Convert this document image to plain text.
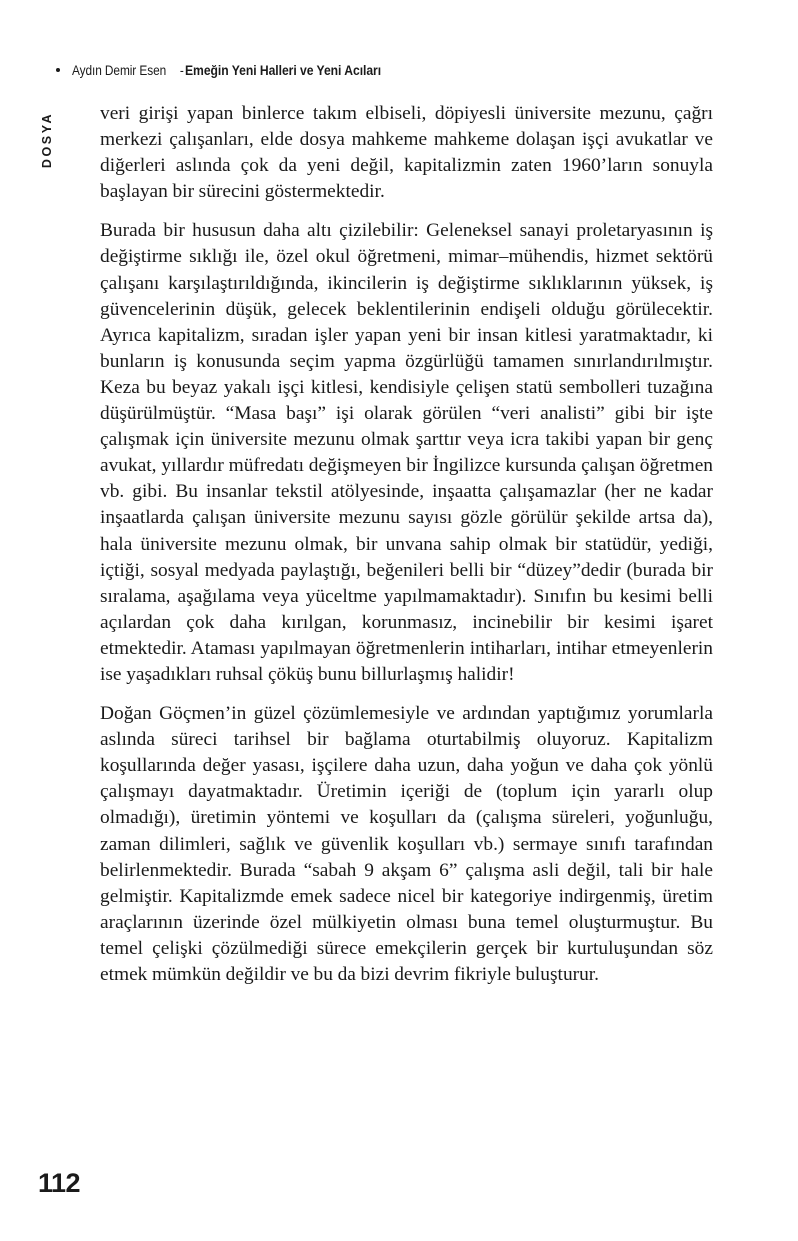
Aydın Demir Esen - Emeğin Yeni Halleri ve Yeni Acıları
DOSYA veri girişi yapan binlerce takım elbiseli, döpiyesli üniversite mezunu, çağrı merkezi çalışanları, elde dosya mahkeme mahkeme dolaşan işçi avukatlar ve diğerleri aslında çok da yeni değil, kapitalizmin zaten 1960’ların sonuyla başlayan bir sürecini göstermektedir.

Burada bir hususun daha altı çizilebilir: Geleneksel sanayi proletaryasının iş değiştirme sıklığı ile, özel okul öğretmeni, mimar–mühendis, hizmet sektörü çalışanı karşılaştırıldığında, ikincilerin iş değiştirme sıklıklarının yüksek, iş güvencelerinin düşük, gelecek beklentilerinin endişeli olduğu görülecektir. Ayrıca kapitalizm, sıradan işler yapan yeni bir insan kitlesi yaratmaktadır, ki bunların iş konusunda seçim yapma özgürlüğü tamamen sınırlandırılmıştır. Keza bu beyaz yakalı işçi kitlesi, kendisiyle çelişen statü sembolleri tuzağına düşürülmüştür. “Masa başı” işi olarak görülen “veri analisti” gibi bir işte çalışmak için üniversite mezunu olmak şarttır veya icra takibi yapan bir genç avukat, yıllardır müfredatı değişmeyen bir İngilizce kursunda çalışan öğretmen vb. gibi. Bu insanlar tekstil atölyesinde, inşaatta çalışamazlar (her ne kadar inşaatlarda çalışan üniversite mezunu sayısı gözle görülür şekilde artsa da), hala üniversite mezunu olmak, bir unvana sahip olmak bir statüdür, yediği, içtiği, sosyal medyada paylaştığı, beğenileri belli bir “düzey”dedir (burada bir sıralama, aşağılama veya yüceltme yapılmamaktadır). Sınıfın bu kesimi belli açılardan çok daha kırılgan, korunmasız, incinebilir bir kesimi işaret etmektedir. Ataması yapılmayan öğretmenlerin intiharları, intihar etmeyenlerin ise yaşadıkları ruhsal çöküş bunu billurlaşmış halidir!

Doğan Göçmen’in güzel çözümlemesiyle ve ardından yaptığımız yorumlarla aslında süreci tarihsel bir bağlama oturtabilmiş oluyoruz. Kapitalizm koşullarında değer yasası, işçilere daha uzun, daha yoğun ve daha çok yönlü çalışmayı dayatmaktadır. Üretimin içeriği de (toplum için yararlı olup olmadığı), üretimin yöntemi ve koşulları da (çalışma süreleri, yoğunluğu, zaman dilimleri, sağlık ve güvenlik koşulları vb.) sermaye sınıfı tarafından belirlenmektedir. Burada “sabah 9 akşam 6” çalışma asli değil, tali bir hale gelmiştir. Kapitalizmde emek sadece nicel bir kategoriye indirgenmiş, üretim araçlarının üzerinde özel mülkiyetin olması buna temel oluşturmuştur. Bu temel çelişki çözülmediği sürece emekçilerin gerçek bir kurtuluşundan söz etmek mümkün değildir ve bu da bizi devrim fikriyle buluşturur.

112
